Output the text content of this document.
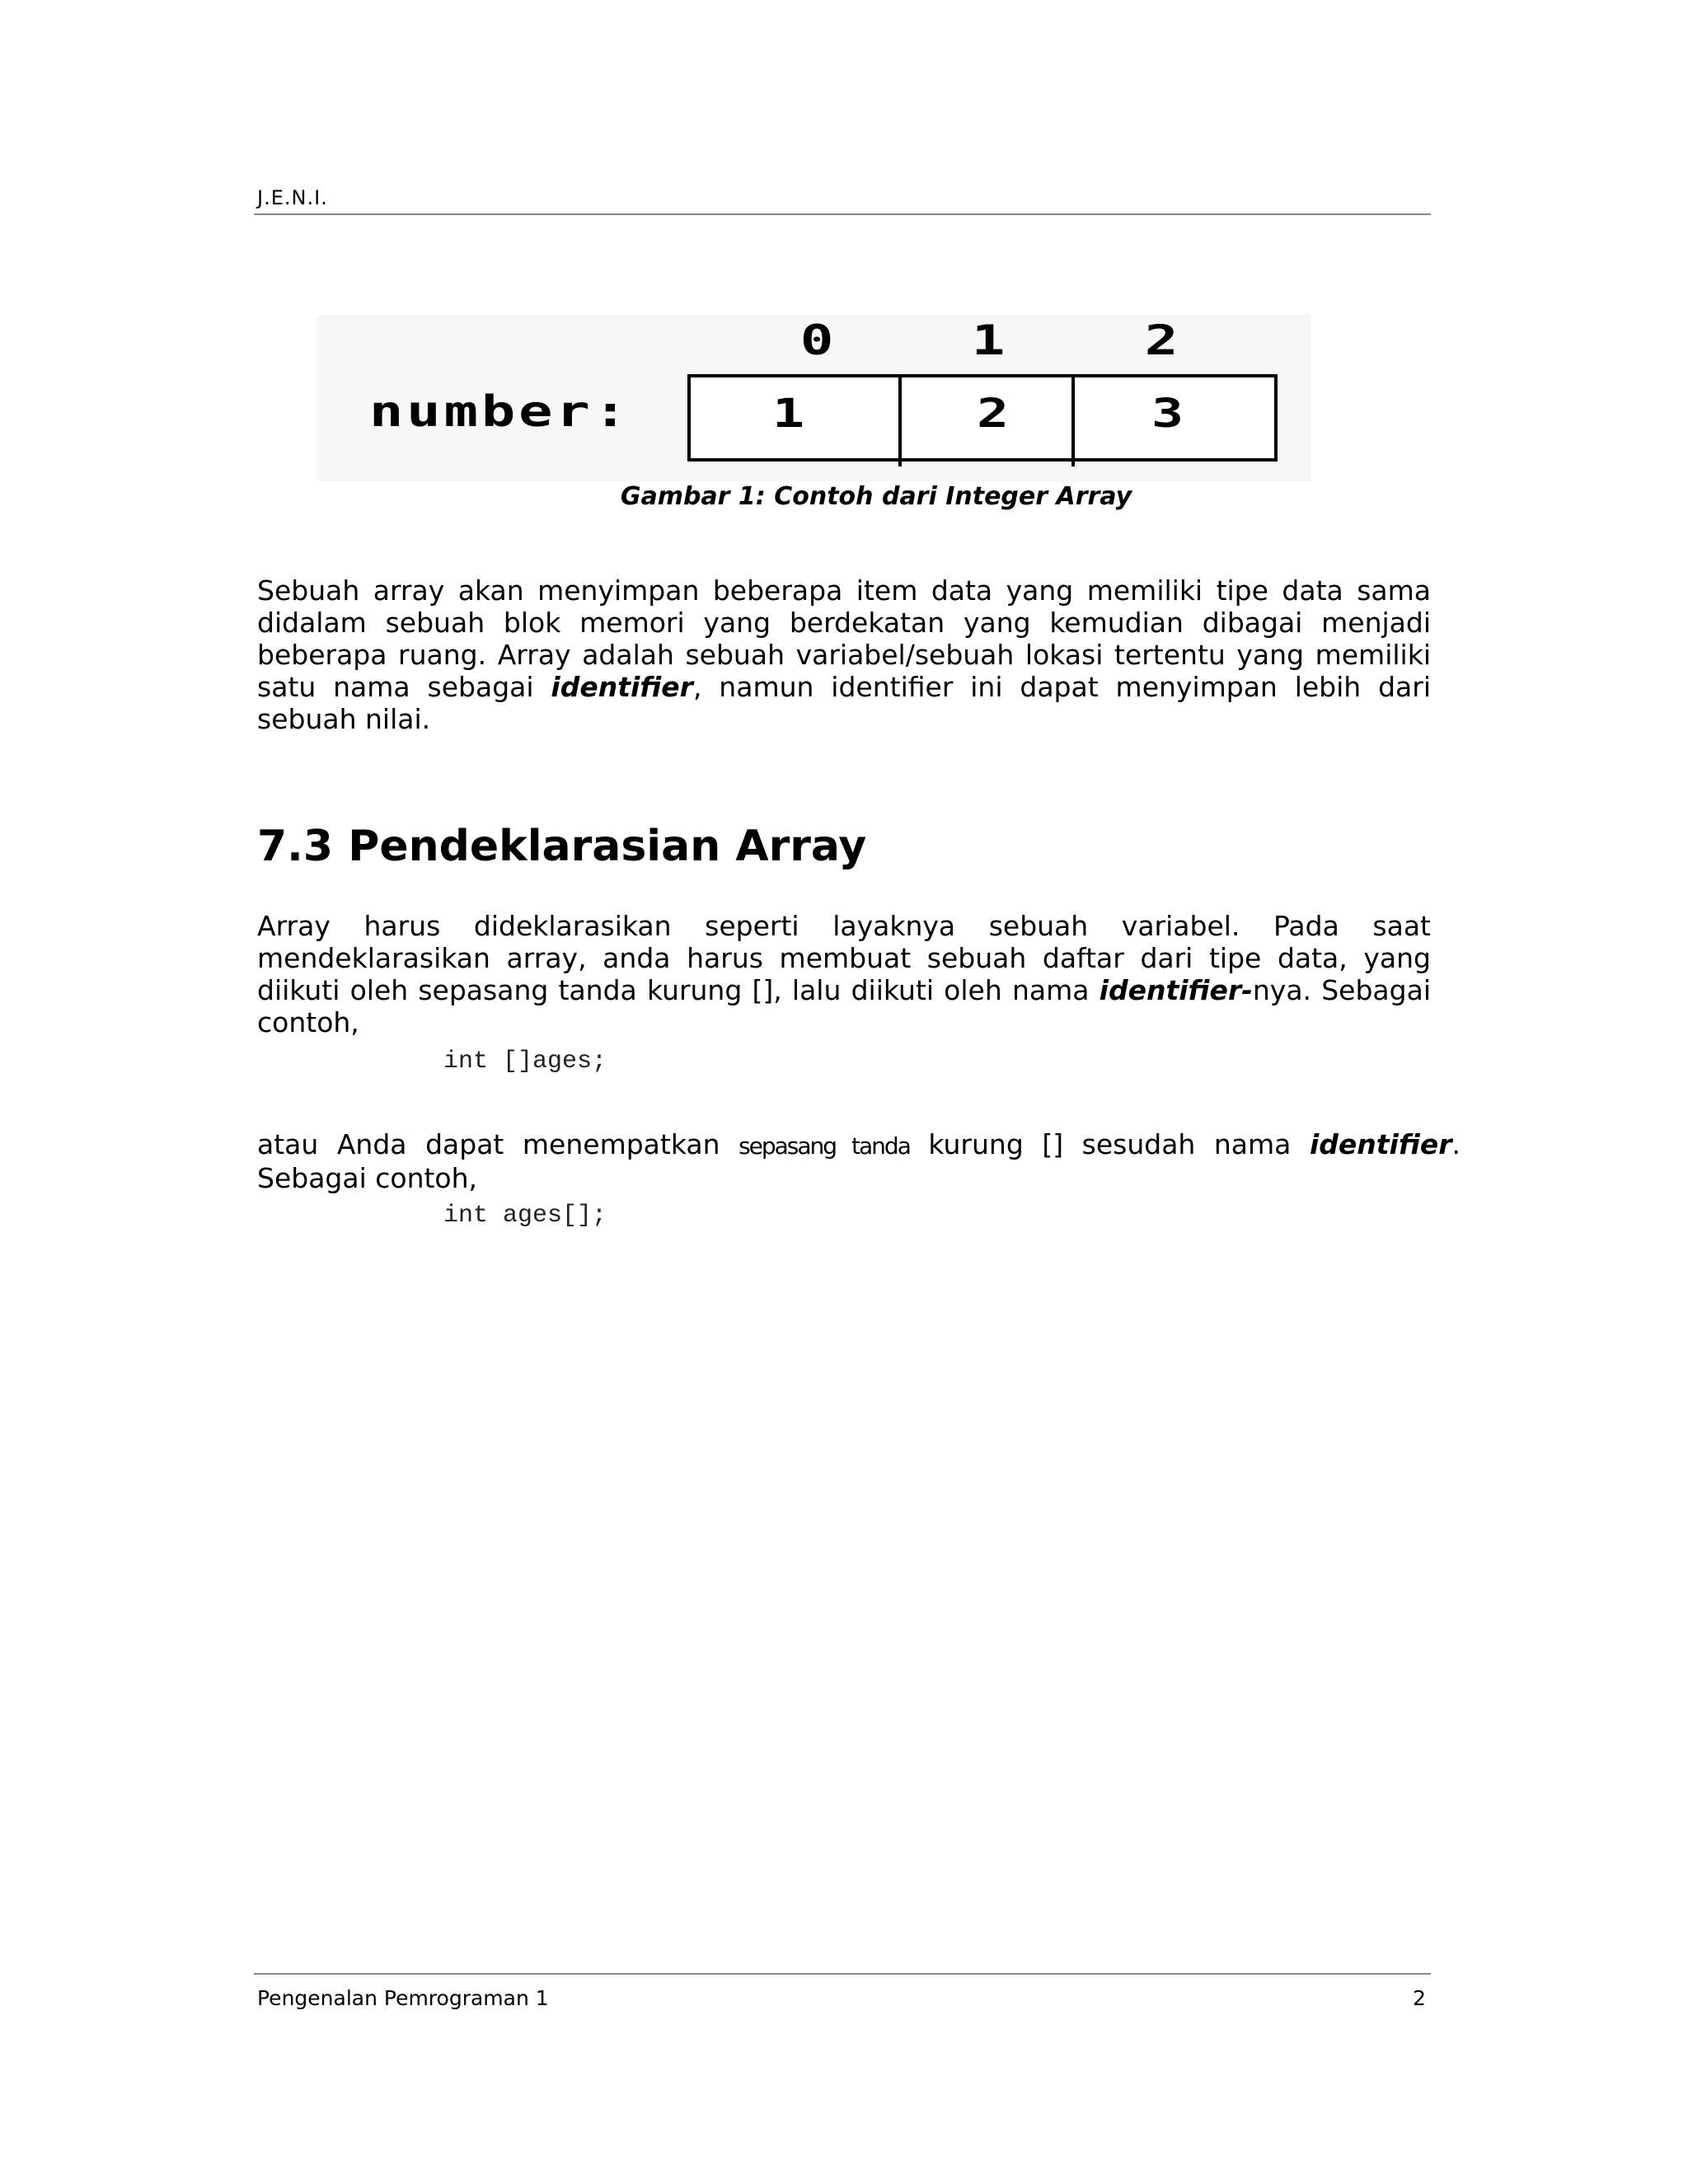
J.E.N.I.
0	1	2
number:	1	2	3
Gambar 1: Contoh dari Integer Array

Sebuah array akan menyimpan beberapa item data yang memiliki tipe data sama didalam sebuah blok memori yang berdekatan yang kemudian dibagai menjadi beberapa ruang. Array adalah sebuah variabel/sebuah lokasi tertentu yang memiliki satu nama sebagai identifier, namun identifier ini dapat menyimpan lebih dari sebuah nilai.

7.3 Pendeklarasian Array

Array harus dideklarasikan seperti layaknya sebuah variabel. Pada saat mendeklarasikan array, anda harus membuat sebuah daftar dari tipe data, yang diikuti oleh sepasang tanda kurung [], lalu diikuti oleh nama identifier-nya. Sebagai contoh,

int []ages;

atau Anda dapat menempatkan sepasang tanda kurung [] sesudah nama identifier. Sebagai contoh,

int ages[];
Pengenalan Pemrograman 1	2
